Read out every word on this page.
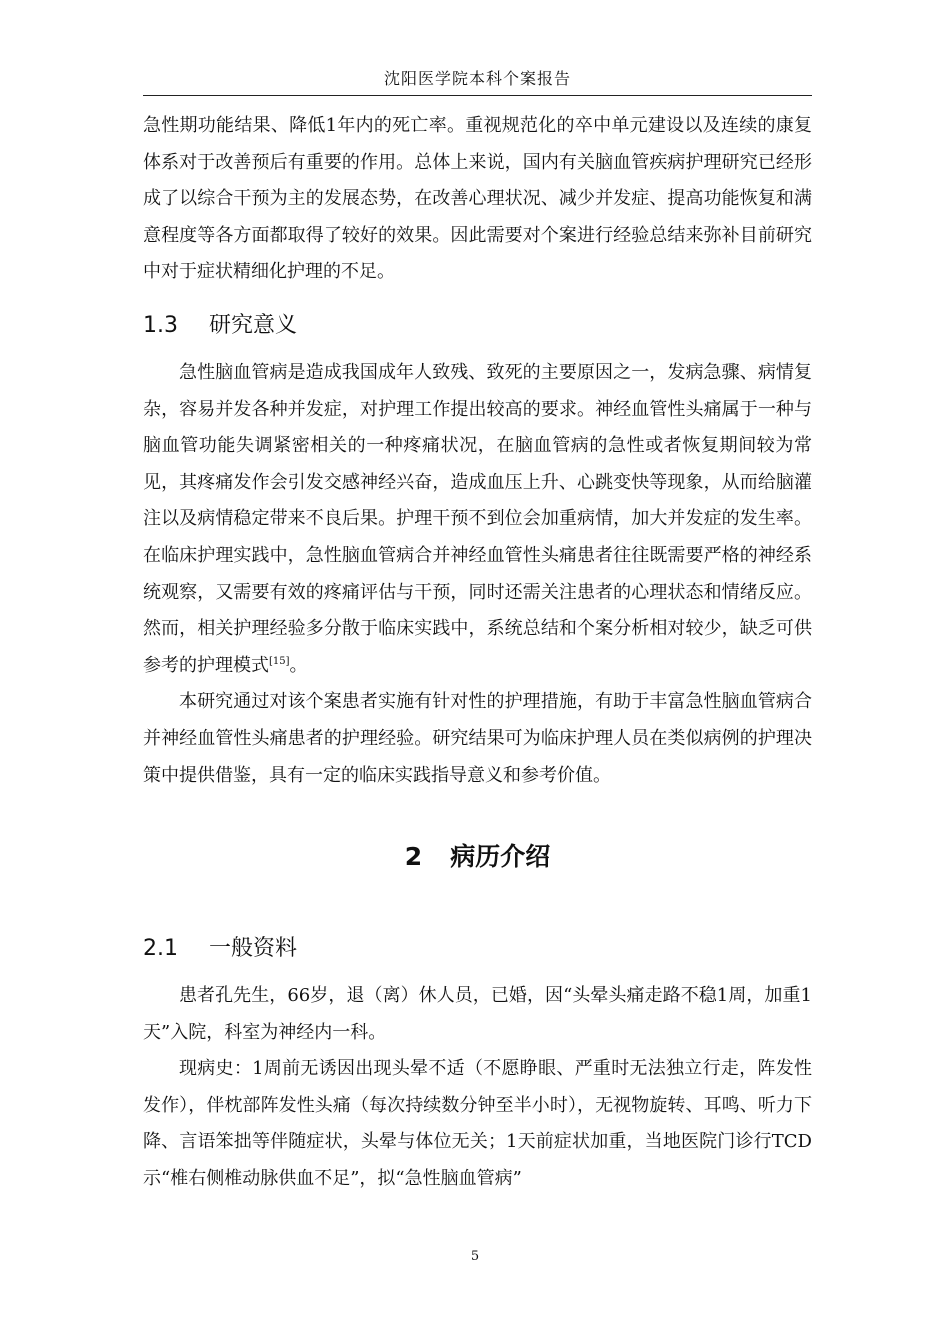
沈阳医学院本科个案报告

急性期功能结果、降低1年内的死亡率。重视规范化的卒中单元建设以及连续的康复体系对于改善预后有重要的作用。总体上来说，国内有关脑血管疾病护理研究已经形成了以综合干预为主的发展态势，在改善心理状况、减少并发症、提高功能恢复和满意程度等各方面都取得了较好的效果。因此需要对个案进行经验总结来弥补目前研究中对于症状精细化护理的不足。

1.3	研究意义

急性脑血管病是造成我国成年人致残、致死的主要原因之一，发病急骤、病情复杂，容易并发各种并发症，对护理工作提出较高的要求。神经血管性头痛属于一种与脑血管功能失调紧密相关的一种疼痛状况，在脑血管病的急性或者恢复期间较为常见，其疼痛发作会引发交感神经兴奋，造成血压上升、心跳变快等现象，从而给脑灌注以及病情稳定带来不良后果。护理干预不到位会加重病情，加大并发症的发生率。在临床护理实践中，急性脑血管病合并神经血管性头痛患者往往既需要严格的神经系统观察，又需要有效的疼痛评估与干预，同时还需关注患者的心理状态和情绪反应。然而，相关护理经验多分散于临床实践中，系统总结和个案分析相对较少，缺乏可供参考的护理模式[15]。

本研究通过对该个案患者实施有针对性的护理措施，有助于丰富急性脑血管病合并神经血管性头痛患者的护理经验。研究结果可为临床护理人员在类似病例的护理决策中提供借鉴，具有一定的临床实践指导意义和参考价值。

2 病历介绍
2.1	一般资料

患者孔先生，66岁，退（离）休人员，已婚，因“头晕头痛走路不稳1周，加重1天”入院，科室为神经内一科。

现病史：1周前无诱因出现头晕不适（不愿睁眼、严重时无法独立行走，阵发性发作），伴枕部阵发性头痛（每次持续数分钟至半小时），无视物旋转、耳鸣、听力下降、言语笨拙等伴随症状，头晕与体位无关；1天前症状加重，当地医院门诊行TCD示“椎右侧椎动脉供血不足”，拟“急性脑血管病”

5
